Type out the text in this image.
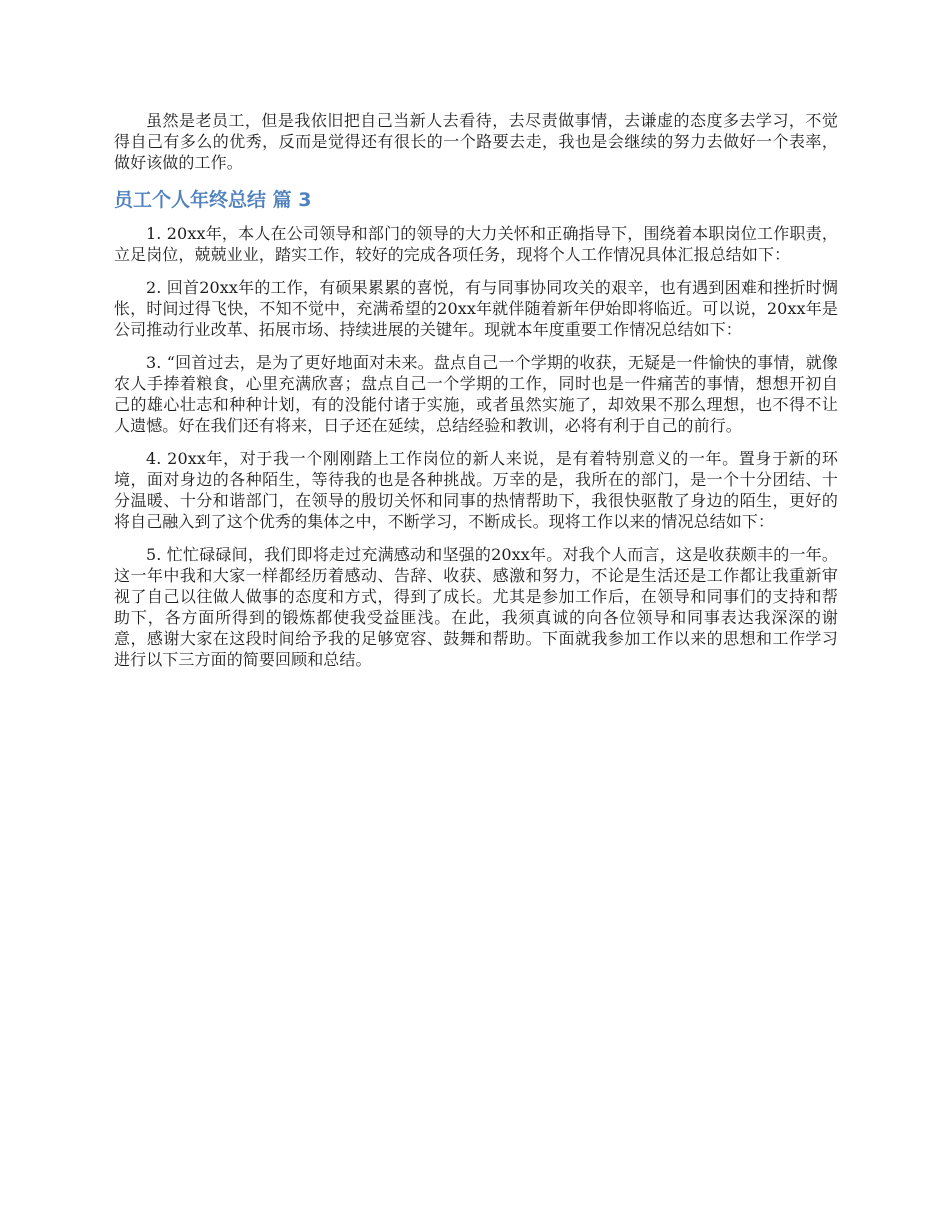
虽然是老员工，但是我依旧把自己当新人去看待，去尽责做事情，去谦虚的态度多去学习，不觉得自己有多么的优秀，反而是觉得还有很长的一个路要去走，我也是会继续的努力去做好一个表率，做好该做的工作。

员工个人年终总结 篇 3

1. 20xx年，本人在公司领导和部门的领导的大力关怀和正确指导下，围绕着本职岗位工作职责，立足岗位，兢兢业业，踏实工作，较好的完成各项任务，现将个人工作情况具体汇报总结如下：

2. 回首20xx年的工作，有硕果累累的喜悦，有与同事协同攻关的艰辛，也有遇到困难和挫折时惆怅，时间过得飞快，不知不觉中，充满希望的20xx年就伴随着新年伊始即将临近。可以说，20xx年是公司推动行业改革、拓展市场、持续进展的关键年。现就本年度重要工作情况总结如下：

3. “回首过去，是为了更好地面对未来。盘点自己一个学期的收获，无疑是一件愉快的事情，就像农人手捧着粮食，心里充满欣喜；盘点自己一个学期的工作，同时也是一件痛苦的事情，想想开初自己的雄心壮志和种种计划，有的没能付诸于实施，或者虽然实施了，却效果不那么理想，也不得不让人遗憾。好在我们还有将来，日子还在延续，总结经验和教训，必将有利于自己的前行。

4. 20xx年，对于我一个刚刚踏上工作岗位的新人来说，是有着特别意义的一年。置身于新的环境，面对身边的各种陌生，等待我的也是各种挑战。万幸的是，我所在的部门，是一个十分团结、十分温暖、十分和谐部门，在领导的殷切关怀和同事的热情帮助下，我很快驱散了身边的陌生，更好的将自己融入到了这个优秀的集体之中，不断学习，不断成长。现将工作以来的情况总结如下：

5. 忙忙碌碌间，我们即将走过充满感动和坚强的20xx年。对我个人而言，这是收获颇丰的一年。这一年中我和大家一样都经历着感动、告辞、收获、感激和努力，不论是生活还是工作都让我重新审视了自己以往做人做事的态度和方式，得到了成长。尤其是参加工作后，在领导和同事们的支持和帮助下，各方面所得到的锻炼都使我受益匪浅。在此，我须真诚的向各位领导和同事表达我深深的谢意，感谢大家在这段时间给予我的足够宽容、鼓舞和帮助。下面就我参加工作以来的思想和工作学习进行以下三方面的简要回顾和总结。
